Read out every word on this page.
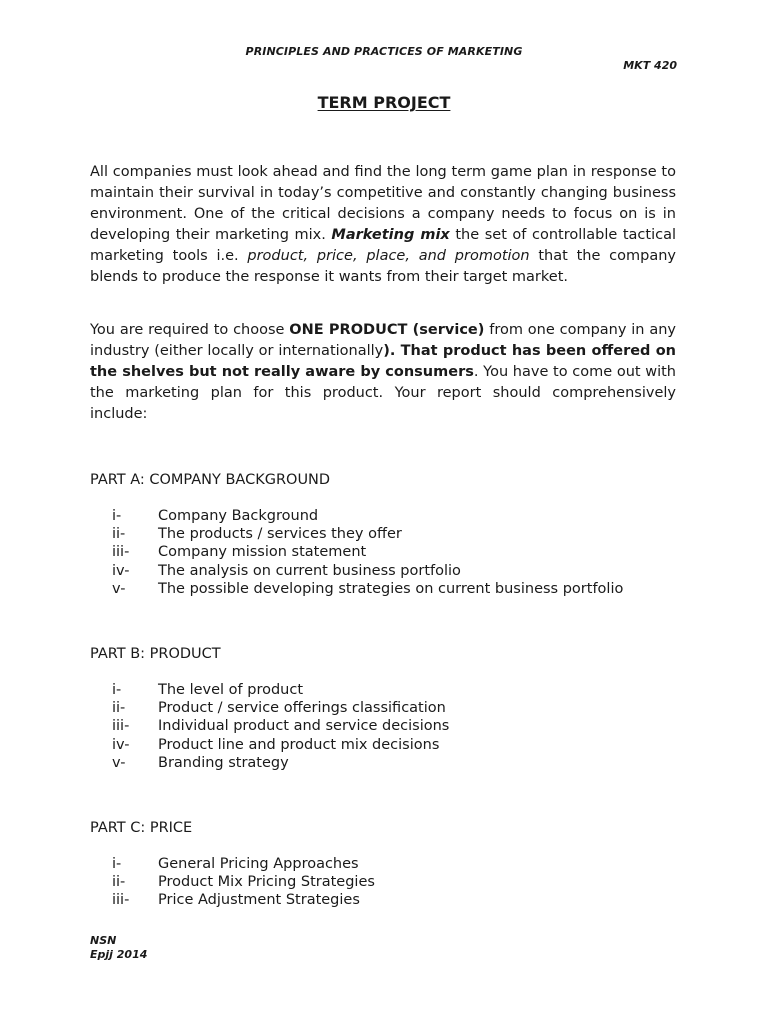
PRINCIPLES AND PRACTICES OF MARKETING
MKT 420
TERM PROJECT
All companies must look ahead and find the long term game plan in response to maintain their survival in today’s competitive and constantly changing business environment. One of the critical decisions a company needs to focus on is in developing their marketing mix. Marketing mix the set of controllable tactical marketing tools i.e. product, price, place, and promotion that the company blends to produce the response it wants from their target market.
You are required to choose ONE PRODUCT (service) from one company in any industry (either locally or internationally). That product has been offered on the shelves but not really aware by consumers. You have to come out with the marketing plan for this product. Your report should comprehensively include:
PART A: COMPANY BACKGROUND
i-	Company Background
ii- The products / services they offer
iii- Company mission statement
iv- The analysis on current business portfolio
v- The possible developing strategies on current business portfolio
PART B: PRODUCT
i-	The level of product
ii- Product / service offerings classification
iii- Individual product and service decisions
iv- Product line and product mix decisions
v- Branding strategy
PART C: PRICE
i-	General Pricing Approaches
ii- Product Mix Pricing Strategies
iii- Price Adjustment Strategies
NSN
Epjj 2014
